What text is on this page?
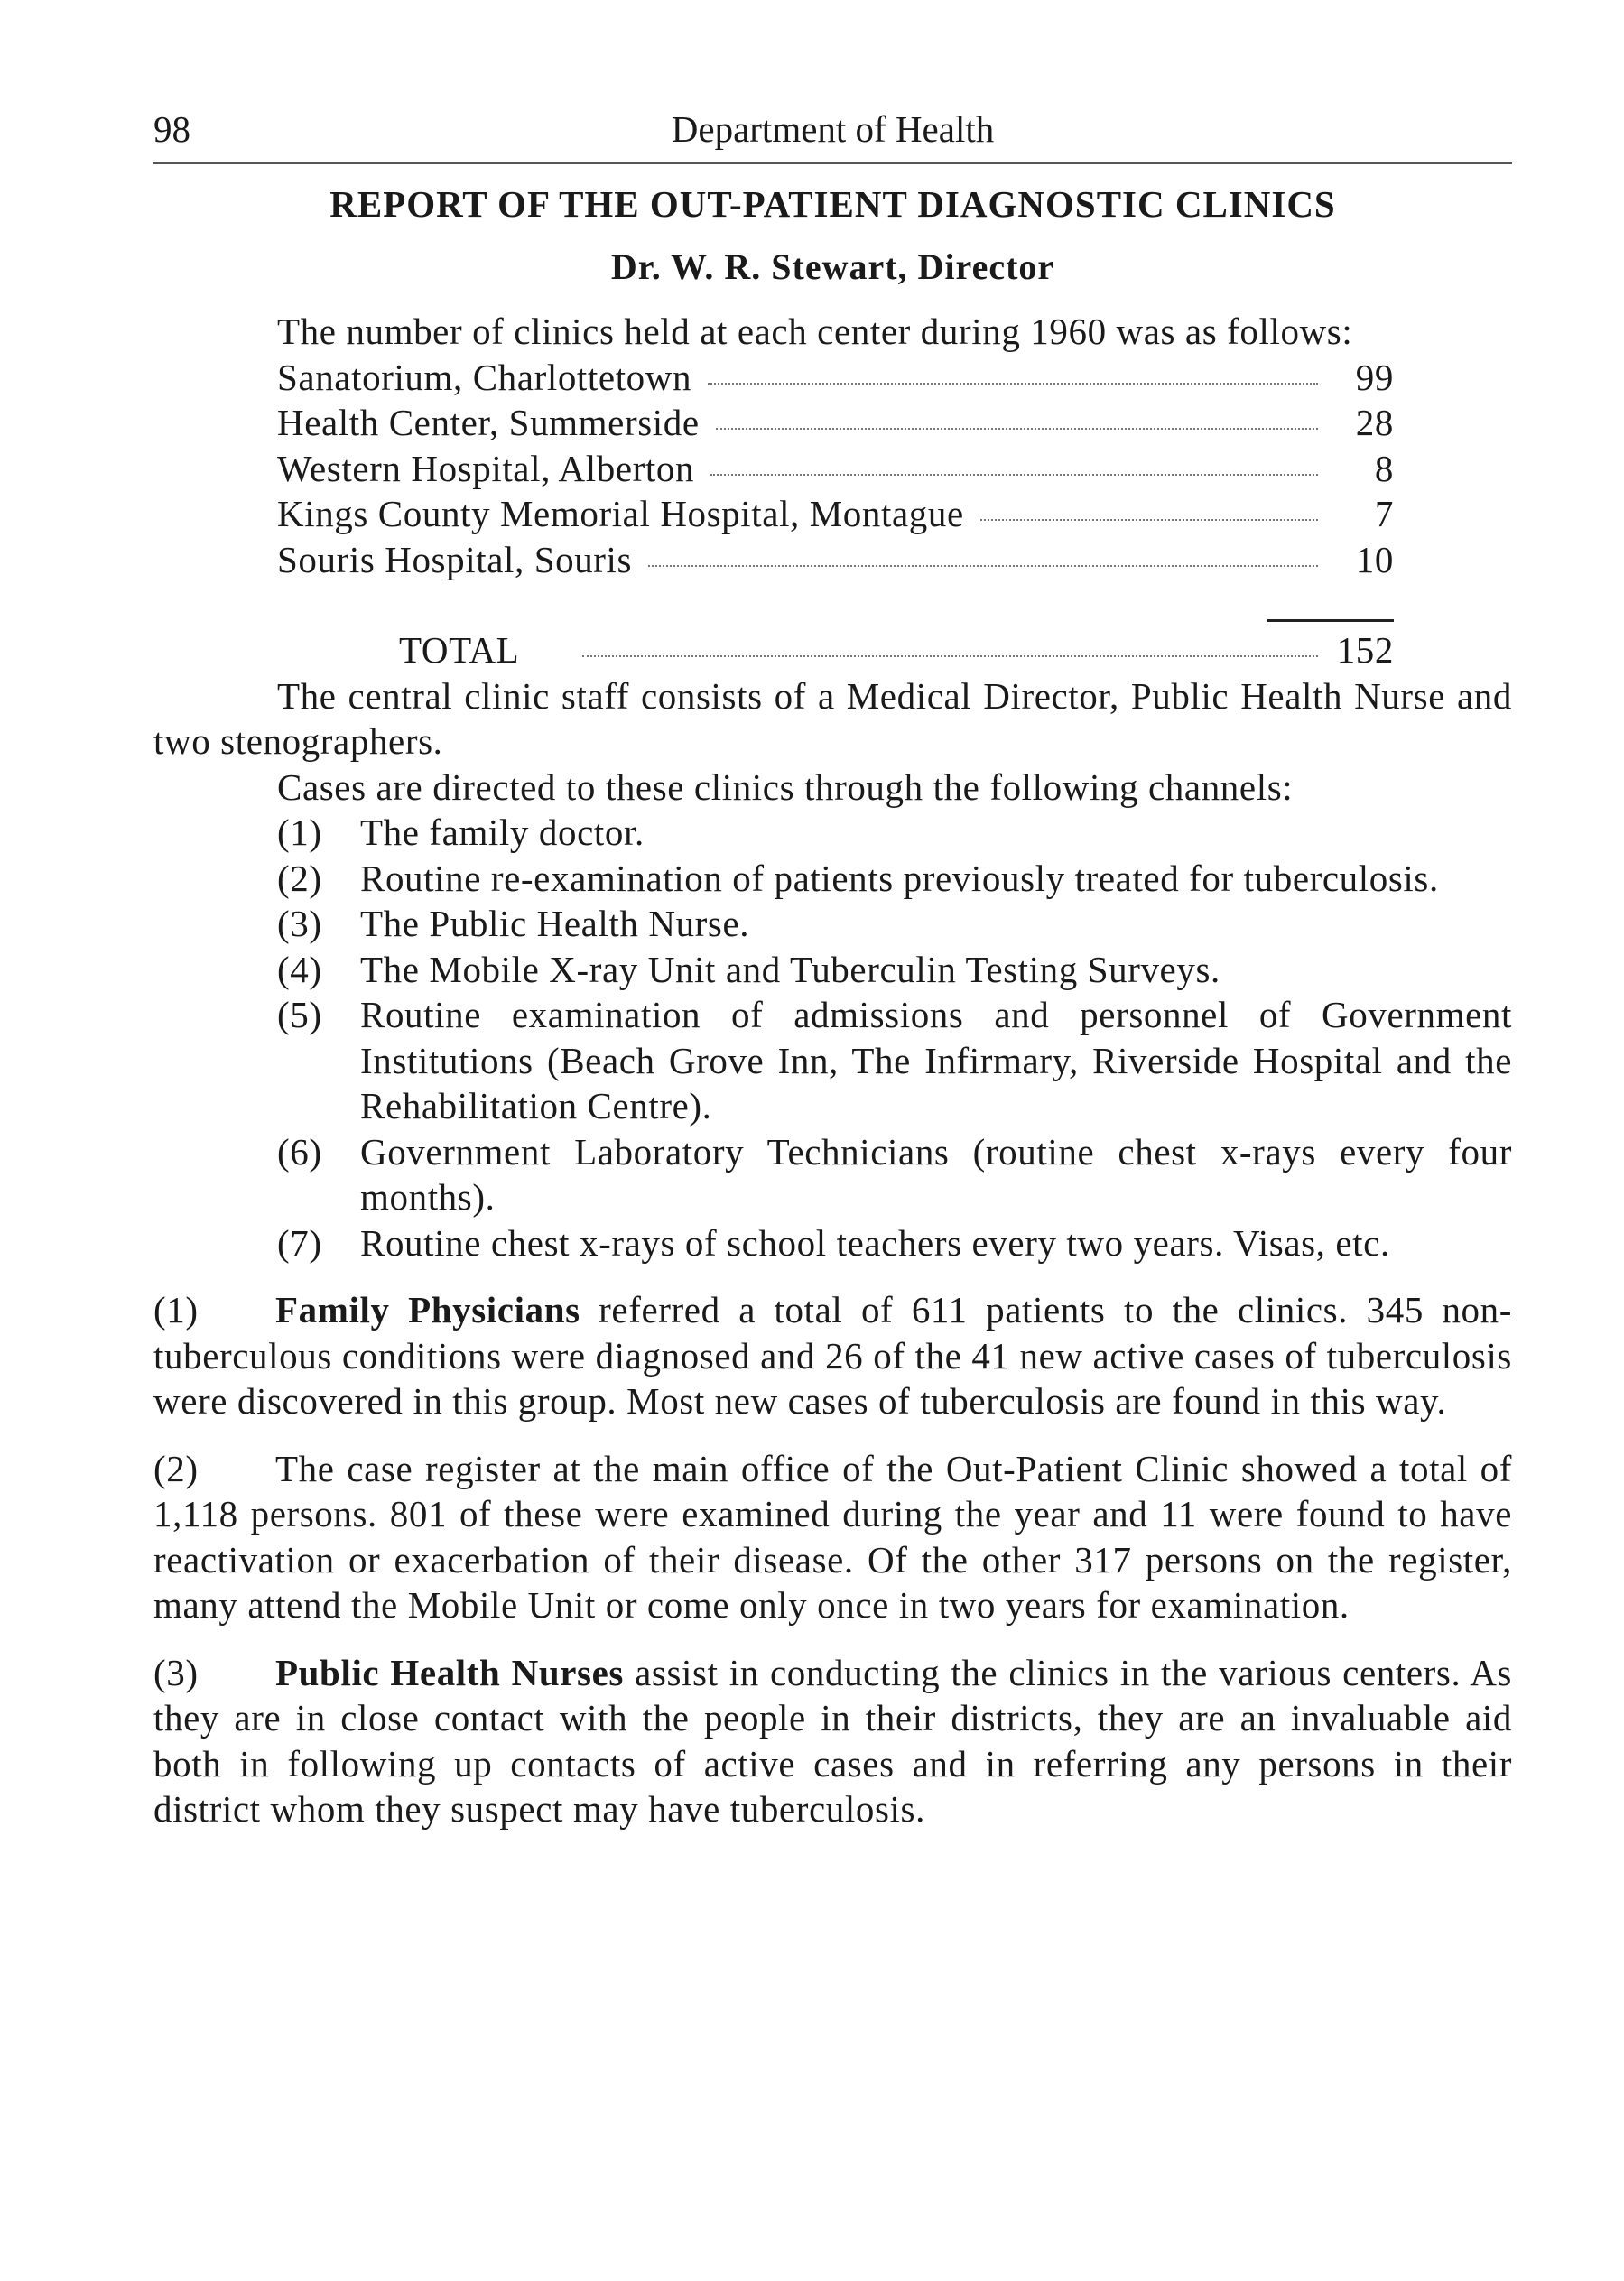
98	Department of Health
REPORT OF THE OUT-PATIENT DIAGNOSTIC CLINICS
Dr. W. R. Stewart, Director

The number of clinics held at each center during 1960 was as follows:

Sanatorium, Charlottetown	99
Health Center, Summerside	28
Western Hospital, Alberton	8
Kings County Memorial Hospital, Montague	7
Souris Hospital, Souris	10
TOTAL	152

The central clinic staff consists of a Medical Director, Public Health Nurse and two stenographers.

Cases are directed to these clinics through the following channels:

(1)	The family doctor.
(2)	Routine re-examination of patients previously treated for tuberculosis.
(3)	The Public Health Nurse.
(4)	The Mobile X-ray Unit and Tuberculin Testing Surveys.
(5)	Routine examination of admissions and personnel of Government Institutions (Beach Grove Inn, The Infirmary, Riverside Hospital and the Rehabilitation Centre).
(6)	Government Laboratory Technicians (routine chest x-rays every four months).
(7)	Routine chest x-rays of school teachers every two years. Visas, etc.

(1) Family Physicians referred a total of 611 patients to the clinics. 345 non-tuberculous conditions were diagnosed and 26 of the 41 new active cases of tuberculosis were discovered in this group. Most new cases of tuberculosis are found in this way.

(2) The case register at the main office of the Out-Patient Clinic showed a total of 1,118 persons. 801 of these were examined during the year and 11 were found to have reactivation or exacerbation of their disease. Of the other 317 persons on the register, many attend the Mobile Unit or come only once in two years for examination.

(3) Public Health Nurses assist in conducting the clinics in the various centers. As they are in close contact with the people in their districts, they are an invaluable aid both in following up contacts of active cases and in referring any persons in their district whom they suspect may have tuberculosis.
